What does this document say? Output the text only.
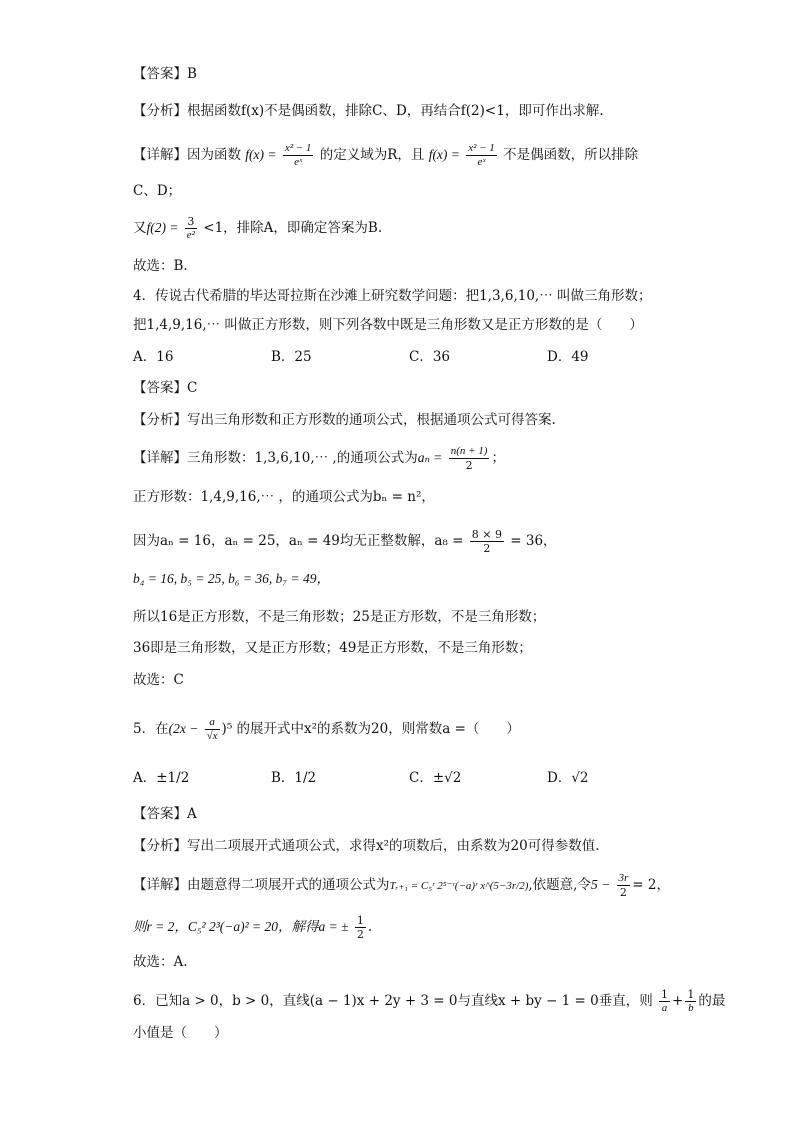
【答案】B
【分析】根据函数f(x)不是偶函数，排除C、D，再结合f(2)<1，即可作出求解.
【详解】因为函数 $f(x) = \frac{\text{x² − 1}}{\text{eˣ}}$ 的定义域为R，且 $f(x) = \frac{\text{x² − 1}}{\text{eˣ}}$ 不是偶函数，所以排除
C、D；
又$f(2) = \frac{3}{\text{e²}} <1$，排除A，即确定答案为B.
故选：B.
4．传说古代希腊的毕达哥拉斯在沙滩上研究数学问题：把1,3,6,10,⋯ 叫做三角形数；
把1,4,9,16,⋯ 叫做正方形数，则下列各数中既是三角形数又是正方形数的是（　　）
A．16	B．25	C．36	D．49
【答案】C
【分析】写出三角形数和正方形数的通项公式，根据通项公式可得答案.
【详解】三角形数：1,3,6,10,⋯ ,的通项公式为$a_n = \frac{n(n + 1)}{2}$ ；
正方形数：1,4,9,16,⋯ ，的通项公式为bₙ = n²，
因为aₙ = 16，aₙ = 25，aₙ = 49均无正整数解，$a_8 = \frac{8 \times 9}{2} = 36$，
b₄ = 16, b₅ = 25, b₆ = 36, b₇ = 49，
所以16是正方形数，不是三角形数；25是正方形数，不是三角形数；
36即是三角形数，又是正方形数；49是正方形数，不是三角形数；
故选：C
5．在$(2x - \frac{a}{√x} )^5$ 的展开式中x²的系数为20，则常数a =（　　）
A．±1/2	B．1/2	C．±√2	D．√2
【答案】A
【分析】写出二项展开式通项公式，求得x²的项数后，由系数为20可得参数值.
【详解】由题意得二项展开式的通项公式为Tᵣ₊₁ = C₅ʳ 2⁵⁻ʳ(−a)ʳ x^(5−3r/2),依题意,令$5 - \frac{3r}{2} = 2$，
则r = 2，C₅² 2³(−a)² = 20，解得a = ± $\frac{1}{2}$ .
故选：A.
6．已知a > 0，b > 0，直线(a − 1)x + 2y + 3 = 0与直线x + by − 1 = 0垂直，则 $\frac{1}{a} + \frac{1}{b}$ 的最
小值是（　　）
